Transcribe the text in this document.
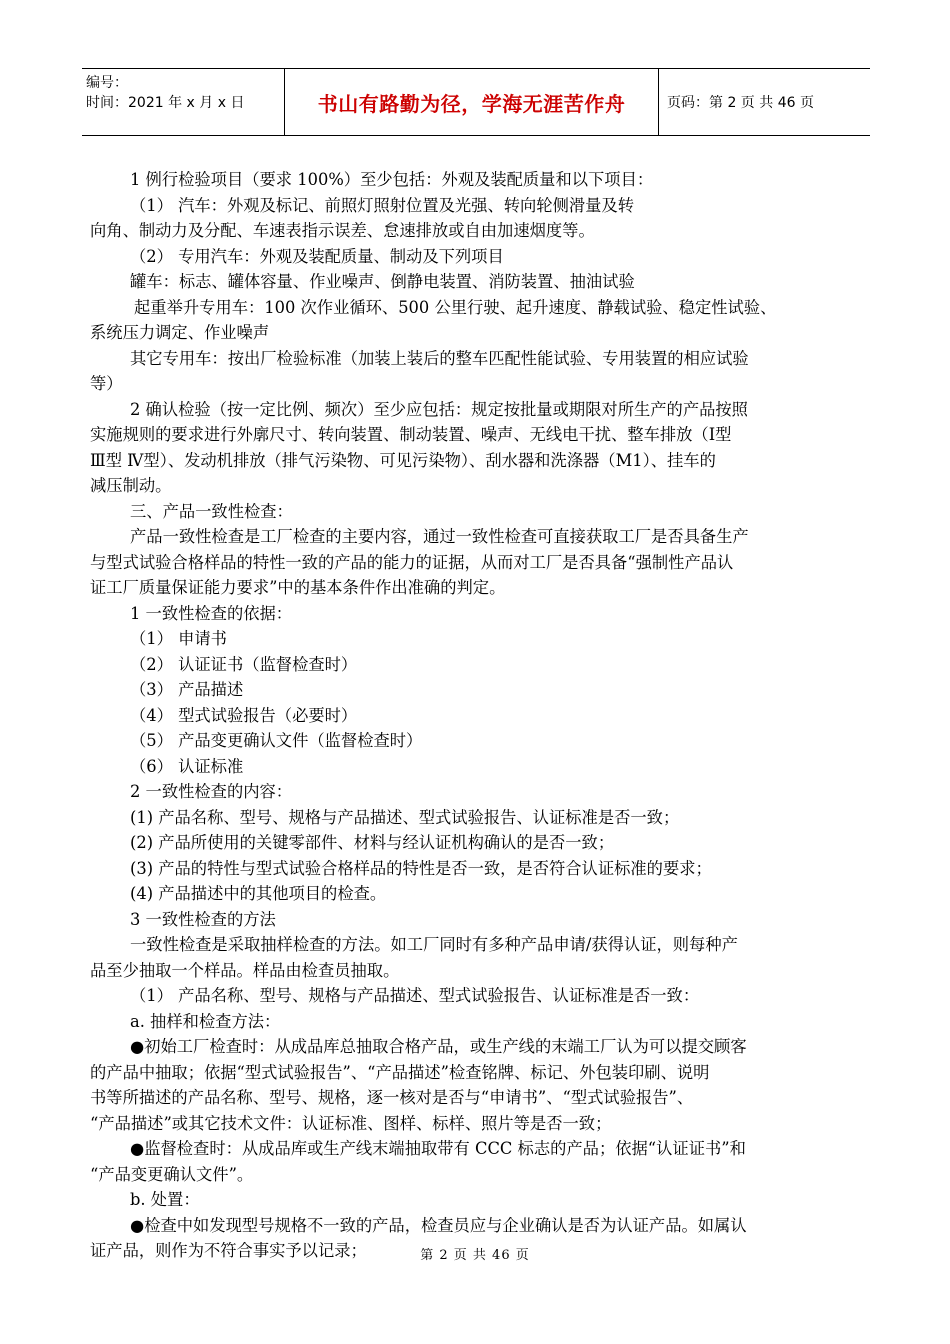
编号：
时间：2021 年 x 月 x 日	书山有路勤为径，学海无涯苦作舟	页码：第 2 页 共 46 页
1 例行检验项目（要求 100%）至少包括：外观及装配质量和以下项目：
（1） 汽车：外观及标记、前照灯照射位置及光强、转向轮侧滑量及转
向角、制动力及分配、车速表指示误差、怠速排放或自由加速烟度等。
（2） 专用汽车：外观及装配质量、制动及下列项目
罐车：标志、罐体容量、作业噪声、倒静电装置、消防装置、抽油试验
起重举升专用车：100 次作业循环、500 公里行驶、起升速度、静载试验、稳定性试验、
系统压力调定、作业噪声
其它专用车：按出厂检验标准（加装上装后的整车匹配性能试验、专用装置的相应试验
等）
2 确认检验（按一定比例、频次）至少应包括：规定按批量或期限对所生产的产品按照
实施规则的要求进行外廓尺寸、转向装置、制动装置、噪声、无线电干扰、整车排放（Ⅰ型
Ⅲ型 Ⅳ型）、发动机排放（排气污染物、可见污染物）、刮水器和洗涤器（M1）、挂车的
减压制动。
三、产品一致性检查：
产品一致性检查是工厂检查的主要内容，通过一致性检查可直接获取工厂是否具备生产
与型式试验合格样品的特性一致的产品的能力的证据，从而对工厂是否具备“强制性产品认
证工厂质量保证能力要求”中的基本条件作出准确的判定。
1 一致性检查的依据：
（1） 申请书
（2） 认证证书（监督检查时）
（3） 产品描述
（4） 型式试验报告（必要时）
（5） 产品变更确认文件（监督检查时）
（6） 认证标准
2 一致性检查的内容：
(1) 产品名称、型号、规格与产品描述、型式试验报告、认证标准是否一致；
(2) 产品所使用的关键零部件、材料与经认证机构确认的是否一致；
(3) 产品的特性与型式试验合格样品的特性是否一致，是否符合认证标准的要求；
(4) 产品描述中的其他项目的检查。
3 一致性检查的方法
一致性检查是采取抽样检查的方法。如工厂同时有多种产品申请/获得认证，则每种产
品至少抽取一个样品。样品由检查员抽取。
（1） 产品名称、型号、规格与产品描述、型式试验报告、认证标准是否一致：
a. 抽样和检查方法：
●初始工厂检查时：从成品库总抽取合格产品，或生产线的末端工厂认为可以提交顾客
的产品中抽取；依据“型式试验报告”、“产品描述”检查铭牌、标记、外包装印刷、说明
书等所描述的产品名称、型号、规格，逐一核对是否与“申请书”、“型式试验报告”、
“产品描述”或其它技术文件：认证标准、图样、标样、照片等是否一致；
●监督检查时：从成品库或生产线末端抽取带有 CCC 标志的产品；依据“认证证书”和
“产品变更确认文件”。
b. 处置：
●检查中如发现型号规格不一致的产品，检查员应与企业确认是否为认证产品。如属认
证产品，则作为不符合事实予以记录；	第 2 页 共 46 页
